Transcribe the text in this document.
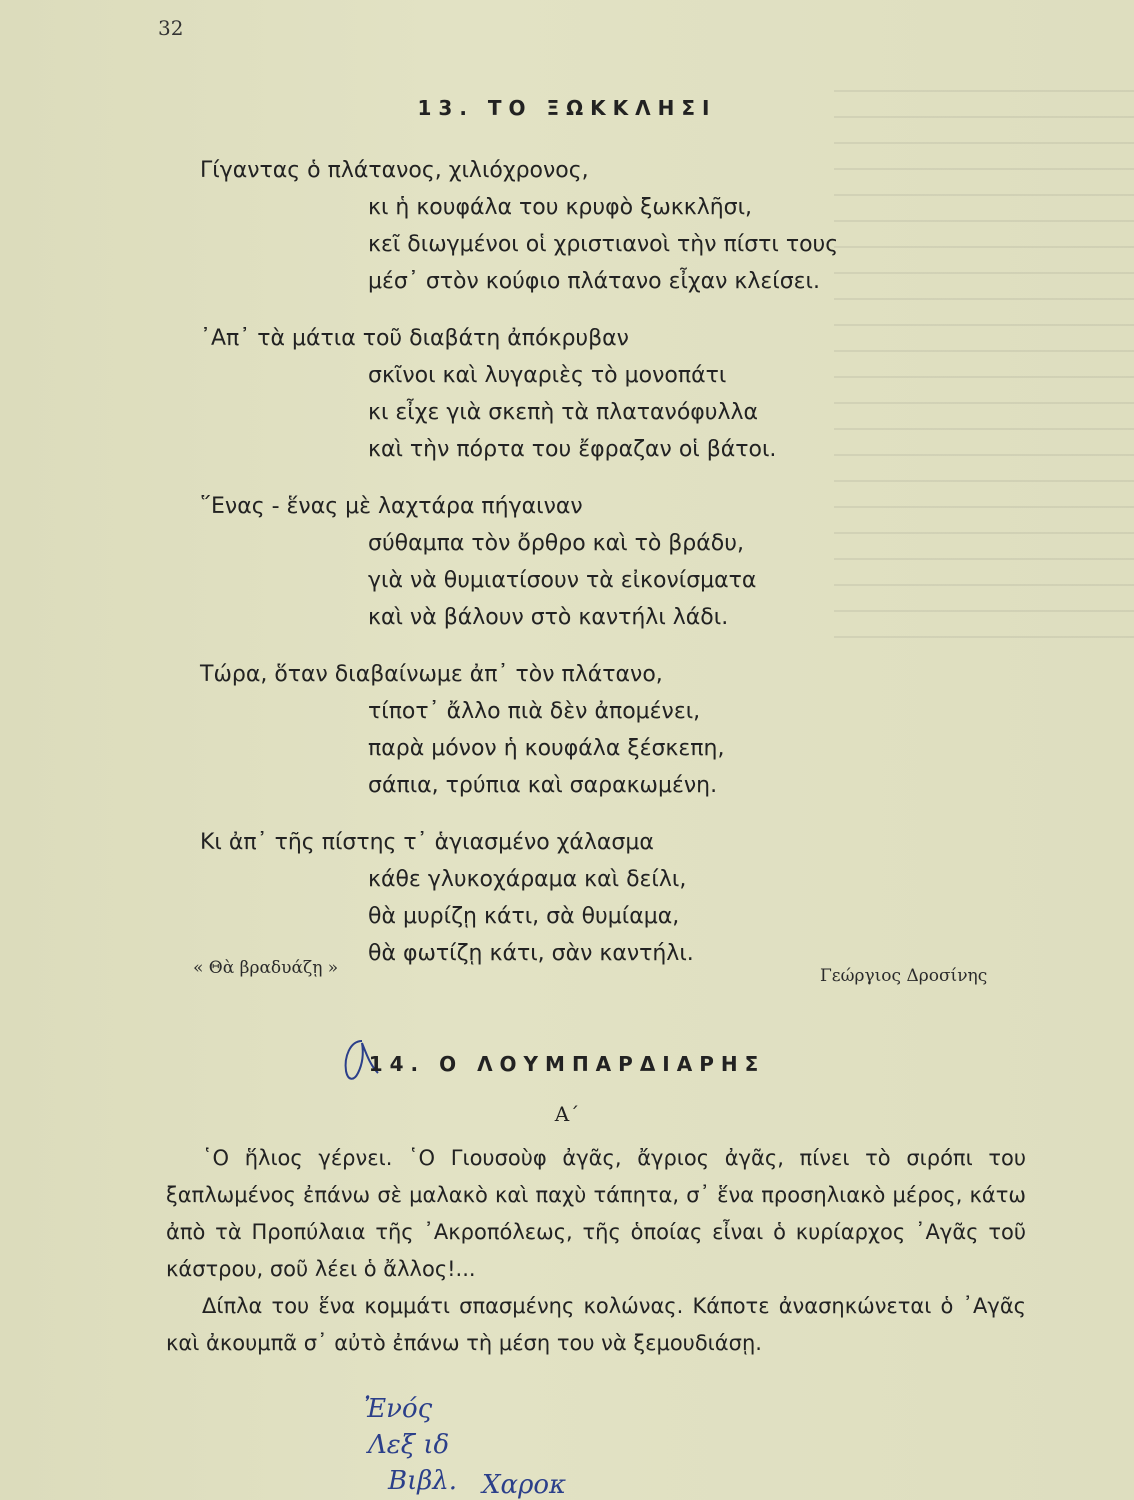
32
13. ΤΟ ΞΩΚΚΛΗΣΙ
Γίγαντας ὁ πλάτανος, χιλιόχρονος,
κι ἡ κουφάλα του κρυφὸ ξωκκλῆσι,
κεῖ διωγμένοι οἱ χριστιανοὶ τὴν πίστι τους
μέσ᾿ στὸν κούφιο πλάτανο εἶχαν κλείσει.
᾿Απ᾿ τὰ μάτια τοῦ διαβάτη ἀπόκρυβαν
σκῖνοι καὶ λυγαριὲς τὸ μονοπάτι
κι εἶχε γιὰ σκεπὴ τὰ πλατανόφυλλα
καὶ τὴν πόρτα του ἔφραζαν οἱ βάτοι.
῞Ενας - ἕνας μὲ λαχτάρα πήγαιναν
σύθαμπα τὸν ὄρθρο καὶ τὸ βράδυ,
γιὰ νὰ θυμιατίσουν τὰ εἰκονίσματα
καὶ νὰ βάλουν στὸ καντήλι λάδι.
Τώρα, ὅταν διαβαίνωμε ἀπ᾿ τὸν πλάτανο,
τίποτ᾿ ἄλλο πιὰ δὲν ἀπομένει,
παρὰ μόνον ἡ κουφάλα ξέσκεπη,
σάπια, τρύπια καὶ σαρακωμένη.
Κι ἀπ᾿ τῆς πίστης τ᾿ ἁγιασμένο χάλασμα
κάθε γλυκοχάραμα καὶ δείλι,
θὰ μυρίζῃ κάτι, σὰ θυμίαμα,
θὰ φωτίζῃ κάτι, σὰν καντήλι.
« Θὰ βραδυάζῃ »	Γεώργιος Δροσίνης
14. Ο ΛΟΥΜΠΑΡΔΙΑΡΗΣ
Α΄

῾Ο ἥλιος γέρνει. ῾Ο Γιουσοὺφ ἀγᾶς, ἄγριος ἀγᾶς, πίνει τὸ σιρόπι του ξαπλωμένος ἐπάνω σὲ μαλακὸ καὶ παχὺ τάπητα, σ᾿ ἕνα προσηλιακὸ μέρος, κάτω ἀπὸ τὰ Προπύλαια τῆς ᾿Ακροπόλεως, τῆς ὁποίας εἶναι ὁ κυρίαρχος ᾿Αγᾶς τοῦ κάστρου, σοῦ λέει ὁ ἄλλος!...

Δίπλα του ἕνα κομμάτι σπασμένης κολώνας. Κάποτε ἀνασηκώνεται ὁ ᾿Αγᾶς καὶ ἀκουμπᾶ σ᾿ αὐτὸ ἐπάνω τὴ μέση του νὰ ξεμουδιάσῃ.

Ἐνός
Λεξ ιδ
Βιβλ. Χαροκ
